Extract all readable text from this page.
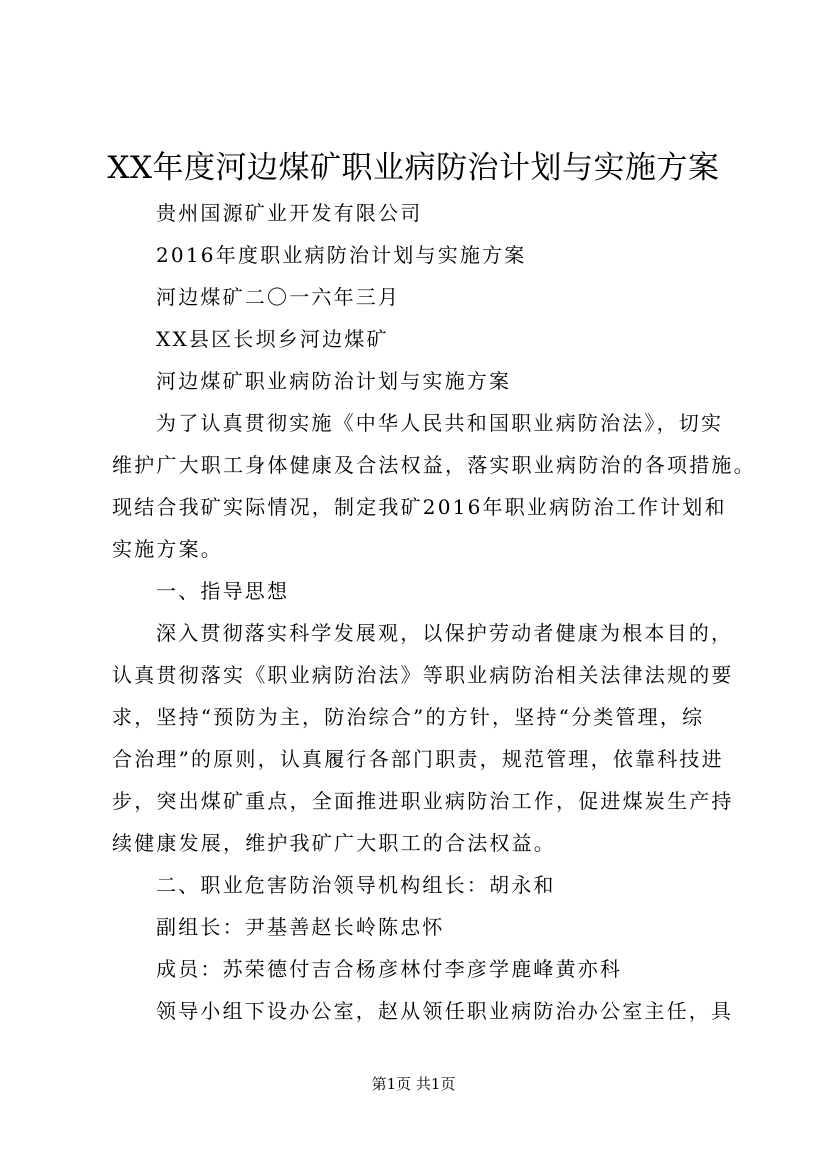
XX年度河边煤矿职业病防治计划与实施方案
贵州国源矿业开发有限公司
2016年度职业病防治计划与实施方案
河边煤矿二〇一六年三月
XX县区长坝乡河边煤矿
河边煤矿职业病防治计划与实施方案
为了认真贯彻实施《中华人民共和国职业病防治法》，切实
维护广大职工身体健康及合法权益，落实职业病防治的各项措施。
现结合我矿实际情况，制定我矿2016年职业病防治工作计划和
实施方案。
一、指导思想
深入贯彻落实科学发展观，以保护劳动者健康为根本目的，
认真贯彻落实《职业病防治法》等职业病防治相关法律法规的要
求，坚持“预防为主，防治综合”的方针，坚持“分类管理，综
合治理”的原则，认真履行各部门职责，规范管理，依靠科技进
步，突出煤矿重点，全面推进职业病防治工作，促进煤炭生产持
续健康发展，维护我矿广大职工的合法权益。
二、职业危害防治领导机构组长：胡永和
副组长：尹基善赵长岭陈忠怀
成员：苏荣德付吉合杨彦林付李彦学鹿峰黄亦科
领导小组下设办公室，赵从领任职业病防治办公室主任，具
第1页 共1页
